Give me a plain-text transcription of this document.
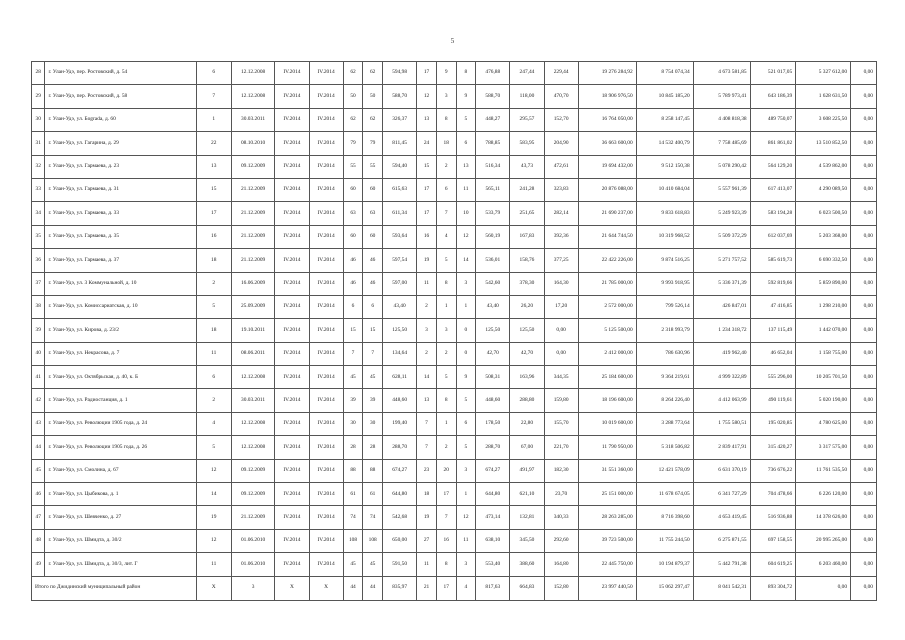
5
28	г. Улан-Удэ, пер. Ростовский, д. 54	6	12.12.2008	IV.2014	IV.2014	62	62	594,98	17	9	8	476,88	247,44	229,44	19 276 284,92	8 754 074,34	4 673 581,85	521 017,05	5 327 612,00	0,00
29	г. Улан-Удэ, пер. Ростовский, д. 58	7	12.12.2008	IV.2014	IV.2014	50	50	588,70	12	3	9	588,70	118,00	470,70	18 906 976,50	10 845 185,20	5 789 973,41	643 186,39	1 628 631,50	0,00
30	г. Улан-Удэ, ул. Бograda, д. 60	1	30.03.2011	IV.2014	IV.2014	62	62	326,37	13	8	5	448,27	295,57	152,70	16 764 050,00	8 258 147,45	4 408 818,38	489 750,07	3 608 225,50	0,00
31	г. Улан-Удэ, ул. Гагарина, д. 29	22	08.10.2010	IV.2014	IV.2014	79	79	811,45	24	18	6	788,85	583,95	204,90	36 663 600,00	14 532 400,79	7 758 485,69	861 861,02	13 510 852,50	0,00
32	г. Улан-Удэ, ул. Гармаева, д. 23	13	09.12.2009	IV.2014	IV.2014	55	55	594,40	15	2	13	516,34	43,73	472,61	19 694 432,00	9 512 150,38	5 078 290,42	564 129,20	4 539 862,00	0,00
33	г. Улан-Удэ, ул. Гармаева, д. 31	15	21.12.2009	IV.2014	IV.2014	60	60	615,63	17	6	11	565,11	241,28	323,83	20 876 088,00	10 410 684,04	5 557 961,39	617 413,07	4 290 089,50	0,00
34	г. Улан-Удэ, ул. Гармаева, д. 33	17	21.12.2009	IV.2014	IV.2014	63	63	611,34	17	7	10	533,79	251,65	282,14	21 690 237,00	9 833 618,83	5 249 923,39	583 194,28	6 023 500,50	0,00
35	г. Улан-Удэ, ул. Гармаева, д. 35	16	21.12.2009	IV.2014	IV.2014	60	60	593,64	16	4	12	560,19	167,83	392,36	21 644 744,50	10 319 968,52	5 509 372,29	612 037,69	5 203 368,00	0,00
36	г. Улан-Удэ, ул. Гармаева, д. 37	18	21.12.2009	IV.2014	IV.2014	46	46	597,54	19	5	14	536,01	158,76	377,25	22 422 226,00	9 874 516,25	5 271 757,52	585 619,73	6 690 332,50	0,00
37	г. Улан-Удэ, ул. 3 Коммунальной, д. 10	2	16.06.2009	IV.2014	IV.2014	46	46	597,00	11	8	3	542,60	378,30	164,30	21 785 000,00	9 993 918,95	5 336 371,39	592 819,66	5 859 890,00	0,00
38	г. Улан-Удэ, ул. Комиссариатская, д. 10	5	25.09.2009	IV.2014	IV.2014	6	6	43,40	2	1	1	43,40	26,20	17,20	2 572 000,00	799 526,14	426 847,01	47 416,85	1 298 210,00	0,00
39	г. Улан-Удэ, ул. Кирова, д. 23/2	18	19.10.2011	IV.2014	IV.2014	15	15	125,50	3	3	0	125,50	125,50	0,00	5 125 500,00	2 318 993,79	1 234 318,72	137 115,49	1 442 070,00	0,00
40	г. Улан-Удэ, ул. Некрасова, д. 7	11	08.06.2011	IV.2014	IV.2014	7	7	134,64	2	2	0	42,70	42,70	0,00	2 412 000,00	786 630,96	419 962,40	46 652,04	1 158 755,00	0,00
41	г. Улан-Удэ, ул. Октябрьская, д. 40, к. Б	6	12.12.2008	IV.2014	IV.2014	45	45	628,11	14	5	9	508,31	163,96	344,35	25 184 600,00	9 364 219,61	4 999 322,89	555 296,00	10 205 701,50	0,00
42	г. Улан-Удэ, ул. Радиостанция, д. 1	2	30.03.2011	IV.2014	IV.2014	39	39	448,60	13	8	5	448,60	288,80	159,80	18 196 600,00	8 264 226,40	4 412 063,99	490 119,61	5 020 190,00	0,00
43	г. Улан-Удэ, ул. Революции 1905 года, д. 24	4	12.12.2008	IV.2014	IV.2014	30	30	199,40	7	1	6	178,50	22,80	155,70	10 019 600,00	3 288 773,64	1 755 580,51	195 020,85	4 780 625,00	0,00
44	г. Улан-Удэ, ул. Революции 1905 года, д. 26	5	12.12.2008	IV.2014	IV.2014	28	28	288,70	7	2	5	288,70	67,00	221,70	11 790 950,00	5 318 506,82	2 839 417,91	315 420,27	3 317 575,00	0,00
45	г. Улан-Удэ, ул. Смолина, д. 67	12	09.12.2009	IV.2014	IV.2014	88	88	674,27	23	20	3	674,27	491,97	182,30	31 551 360,00	12 421 578,09	6 631 370,19	736 676,22	11 761 535,50	0,00
46	г. Улан-Удэ, ул. Цыбикова, д. 1	14	09.12.2009	IV.2014	IV.2014	61	61	644,80	18	17	1	644,80	621,10	23,70	25 151 000,00	11 678 674,05	6 341 727,29	704 478,66	6 226 120,00	0,00
47	г. Улан-Удэ, ул. Шевченко, д. 27	19	21.12.2009	IV.2014	IV.2014	74	74	542,68	19	7	12	473,14	132,81	340,33	28 263 285,00	8 716 398,60	4 653 419,45	516 936,88	14 378 626,00	0,00
48	г. Улан-Удэ, ул. Шмидта, д. 30/2	12	01.06.2010	IV.2014	IV.2014	108	108	650,00	27	16	11	638,10	345,50	292,60	39 723 500,00	11 755 244,50	6 275 871,55	697 158,55	20 995 265,00	0,00
49	г. Улан-Удэ, ул. Шмидта, д. 30/3, лит. Г	11	01.06.2010	IV.2014	IV.2014	45	45	591,50	11	8	3	553,40	388,60	164,80	22 445 750,00	10 194 879,37	5 442 791,38	604 619,25	6 203 460,00	0,00
Итого по Джидинский муниципальный район		X	3	X	X	44	44	835,97	21	17	4	817,63	664,83	152,80	23 997 440,50	15 062 297,47	8 041 542,31	893 304,72	0,00	0,00
